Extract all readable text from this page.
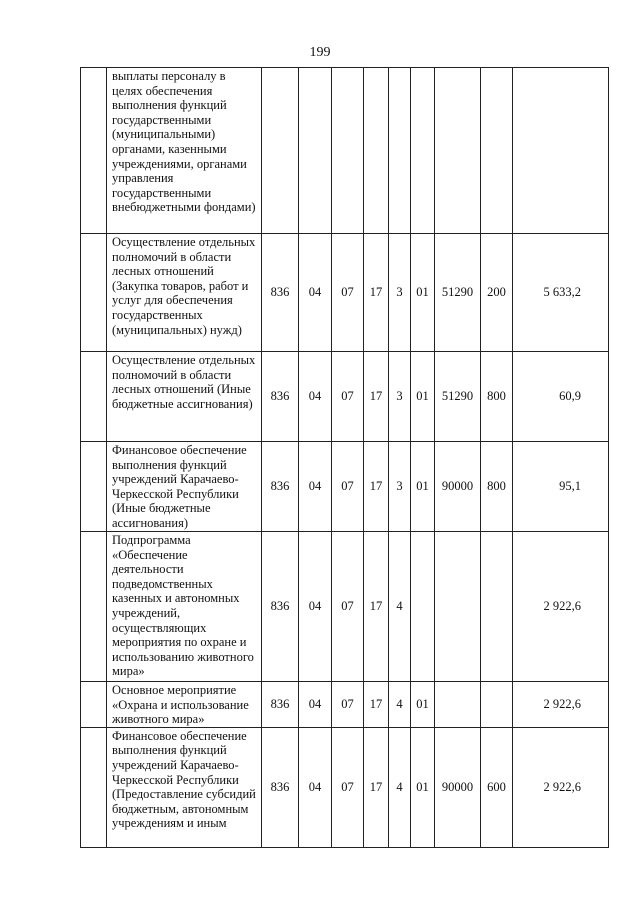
199
	выплаты персоналу в целях обеспечения выполнения функций государственными (муниципальными) органами, казенными учреждениями, органами управления государственными внебюджетными фондами)									
	Осуществление отдельных полномочий в области лесных отношений (Закупка товаров, работ и услуг для обеспечения государственных (муниципальных) нужд)	836	04	07	17	3	01	51290	200	5 633,2
	Осуществление отдельных полномочий в области лесных отношений (Иные бюджетные ассигнования)	836	04	07	17	3	01	51290	800	60,9
	Финансовое обеспечение выполнения функций учреждений Карачаево-Черкесской Республики (Иные бюджетные ассигнования)	836	04	07	17	3	01	90000	800	95,1
	Подпрограмма «Обеспечение деятельности подведомственных казенных и автономных учреждений, осуществляющих мероприятия по охране и использованию животного мира»	836	04	07	17	4				2 922,6
	Основное мероприятие «Охрана и использование животного мира»	836	04	07	17	4	01			2 922,6
	Финансовое обеспечение выполнения функций учреждений Карачаево-Черкесской Республики (Предоставление субсидий бюджетным, автономным учреждениям и иным	836	04	07	17	4	01	90000	600	2 922,6
